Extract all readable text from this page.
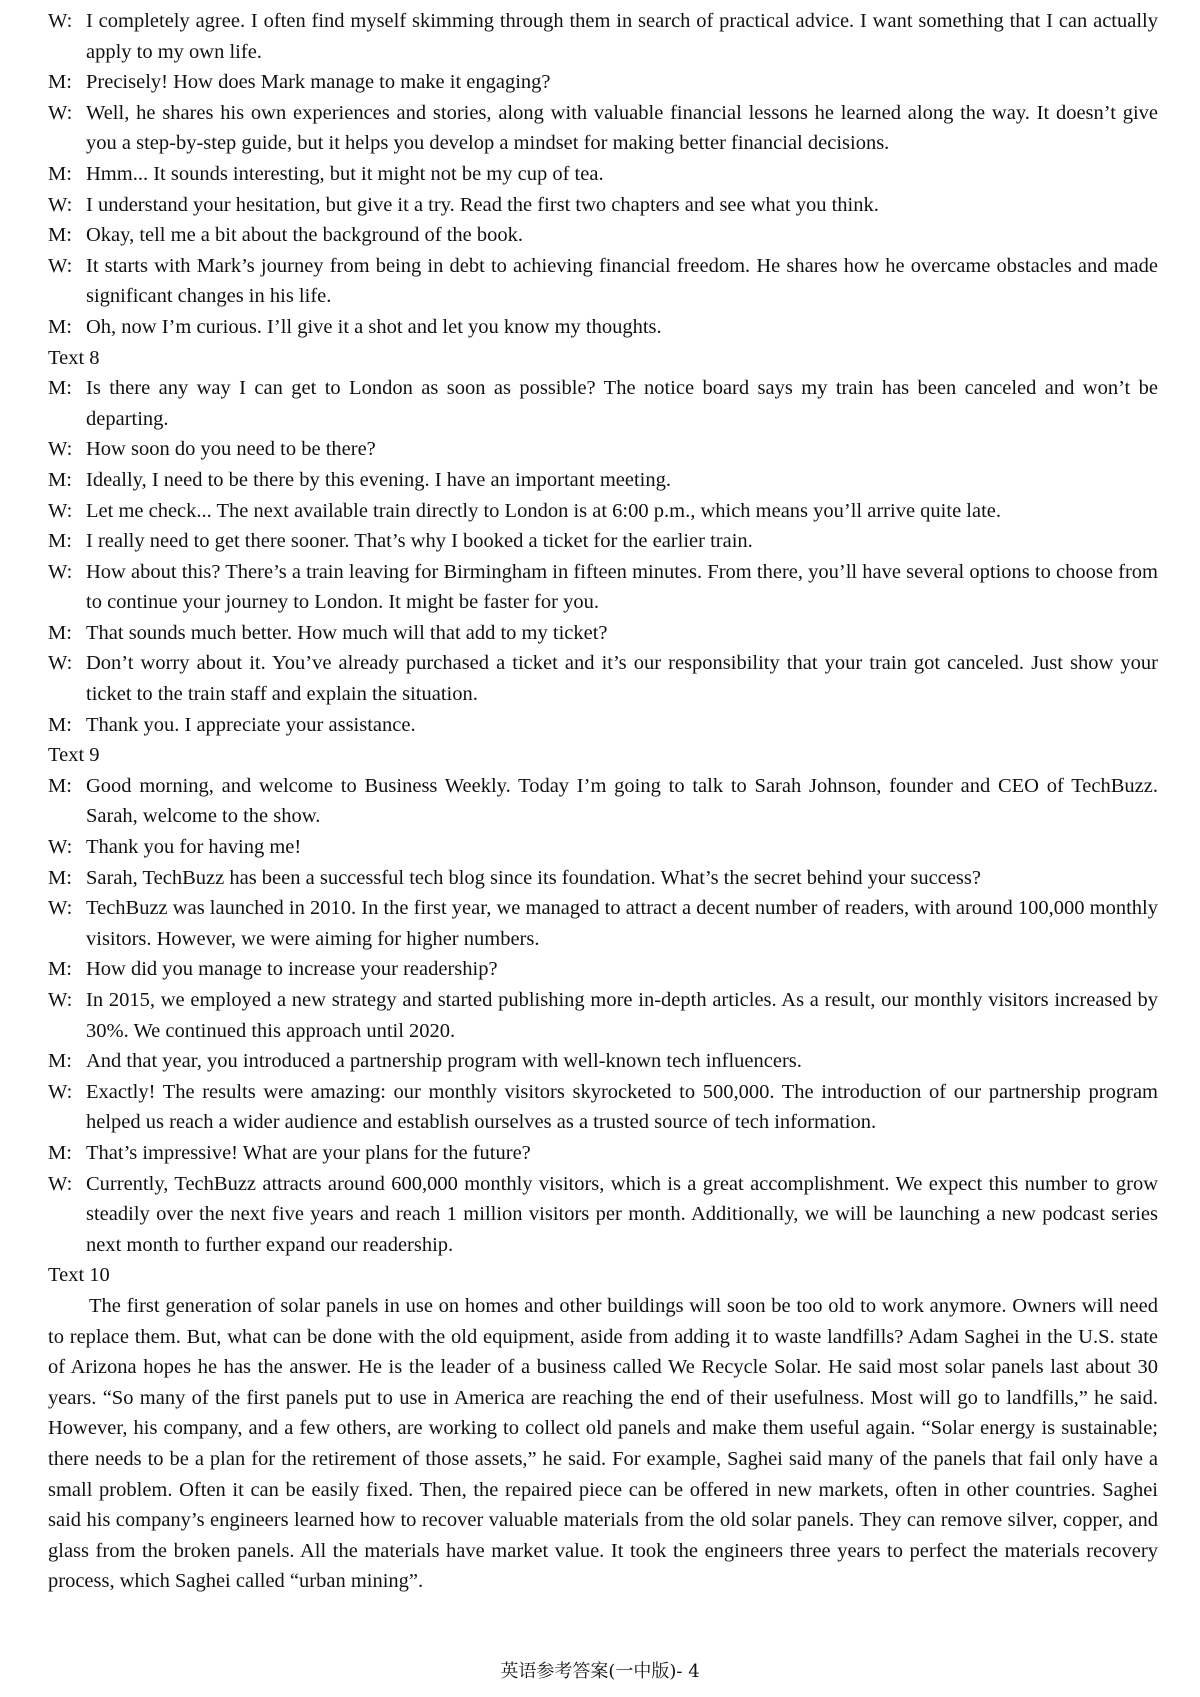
W: I completely agree. I often find myself skimming through them in search of practical advice. I want something that I can actually apply to my own life.

M: Precisely! How does Mark manage to make it engaging?

W: Well, he shares his own experiences and stories, along with valuable financial lessons he learned along the way. It doesn’t give you a step-by-step guide, but it helps you develop a mindset for making better financial decisions.

M: Hmm... It sounds interesting, but it might not be my cup of tea.

W: I understand your hesitation, but give it a try. Read the first two chapters and see what you think.

M: Okay, tell me a bit about the background of the book.

W: It starts with Mark’s journey from being in debt to achieving financial freedom. He shares how he overcame obstacles and made significant changes in his life.

M: Oh, now I’m curious. I’ll give it a shot and let you know my thoughts.

Text 8

M: Is there any way I can get to London as soon as possible? The notice board says my train has been canceled and won’t be departing.

W: How soon do you need to be there?

M: Ideally, I need to be there by this evening. I have an important meeting.

W: Let me check... The next available train directly to London is at 6:00 p.m., which means you’ll arrive quite late.

M: I really need to get there sooner. That’s why I booked a ticket for the earlier train.

W: How about this? There’s a train leaving for Birmingham in fifteen minutes. From there, you’ll have several options to choose from to continue your journey to London. It might be faster for you.

M: That sounds much better. How much will that add to my ticket?

W: Don’t worry about it. You’ve already purchased a ticket and it’s our responsibility that your train got canceled. Just show your ticket to the train staff and explain the situation.

M: Thank you. I appreciate your assistance.

Text 9

M: Good morning, and welcome to Business Weekly. Today I’m going to talk to Sarah Johnson, founder and CEO of TechBuzz. Sarah, welcome to the show.

W: Thank you for having me!

M: Sarah, TechBuzz has been a successful tech blog since its foundation. What’s the secret behind your success?

W: TechBuzz was launched in 2010. In the first year, we managed to attract a decent number of readers, with around 100,000 monthly visitors. However, we were aiming for higher numbers.

M: How did you manage to increase your readership?

W: In 2015, we employed a new strategy and started publishing more in-depth articles. As a result, our monthly visitors increased by 30%. We continued this approach until 2020.

M: And that year, you introduced a partnership program with well-known tech influencers.

W: Exactly! The results were amazing: our monthly visitors skyrocketed to 500,000. The introduction of our partnership program helped us reach a wider audience and establish ourselves as a trusted source of tech information.

M: That’s impressive! What are your plans for the future?

W: Currently, TechBuzz attracts around 600,000 monthly visitors, which is a great accomplishment. We expect this number to grow steadily over the next five years and reach 1 million visitors per month. Additionally, we will be launching a new podcast series next month to further expand our readership.

Text 10

The first generation of solar panels in use on homes and other buildings will soon be too old to work anymore. Owners will need to replace them. But, what can be done with the old equipment, aside from adding it to waste landfills? Adam Saghei in the U.S. state of Arizona hopes he has the answer. He is the leader of a business called We Recycle Solar. He said most solar panels last about 30 years. “So many of the first panels put to use in America are reaching the end of their usefulness. Most will go to landfills,” he said. However, his company, and a few others, are working to collect old panels and make them useful again. “Solar energy is sustainable; there needs to be a plan for the retirement of those assets,” he said. For example, Saghei said many of the panels that fail only have a small problem. Often it can be easily fixed. Then, the repaired piece can be offered in new markets, often in other countries. Saghei said his company’s engineers learned how to recover valuable materials from the old solar panels. They can remove silver, copper, and glass from the broken panels. All the materials have market value. It took the engineers three years to perfect the materials recovery process, which Saghei called “urban mining”.

英语参考答案(一中版)- 4
